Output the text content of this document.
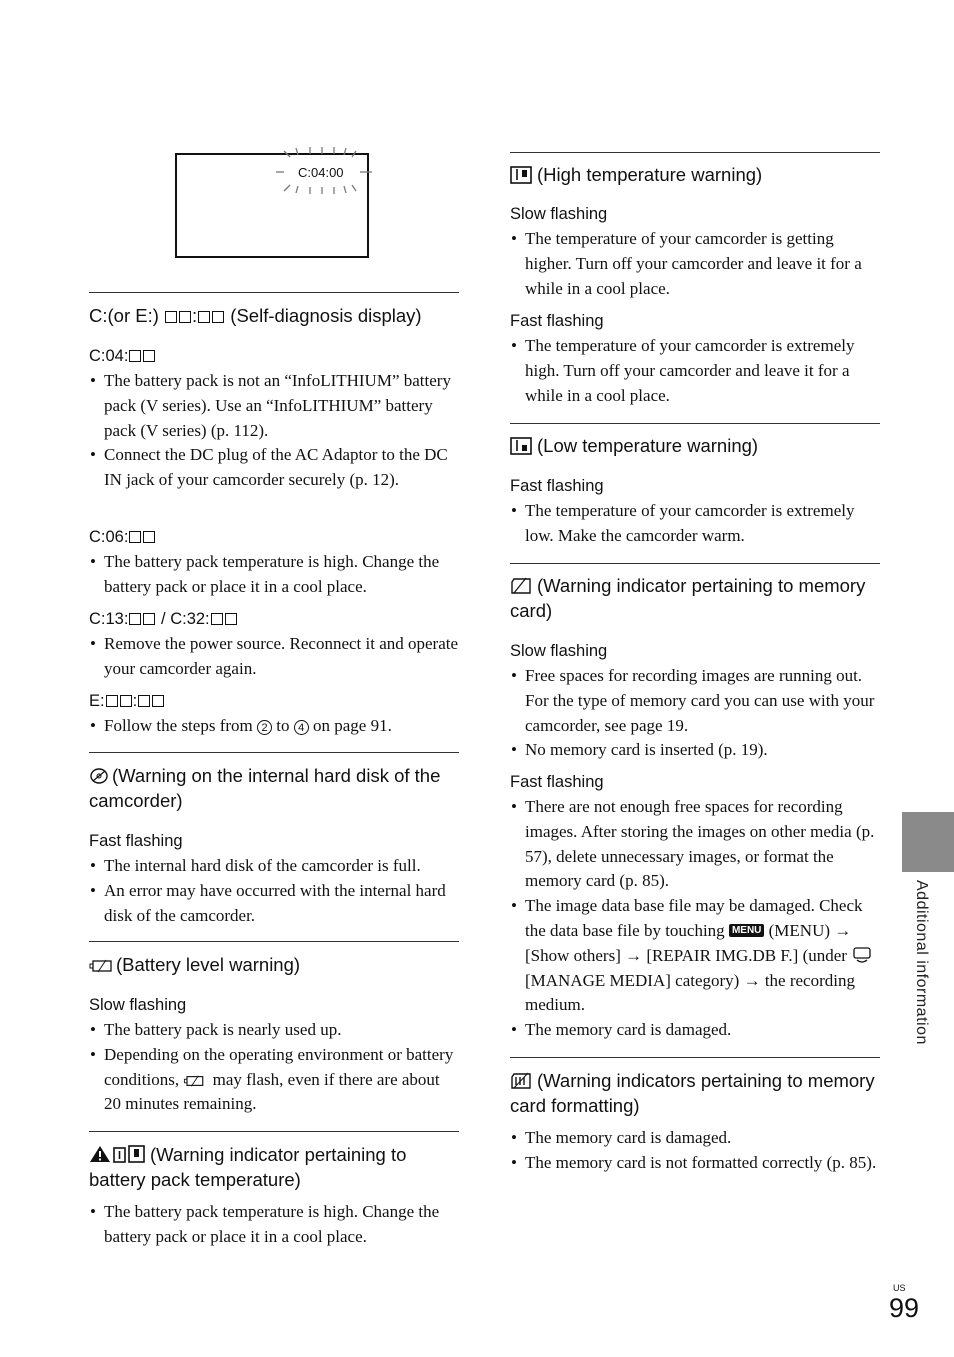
C:04:00
C:(or E:) : (Self-diagnosis display)
C:04:
• The battery pack is not an “InfoLITHIUM” battery pack (V series). Use an “InfoLITHIUM” battery pack (V series) (p. 112).
• Connect the DC plug of the AC Adaptor to the DC IN jack of your camcorder securely (p. 12).
C:06:
• The battery pack temperature is high. Change the battery pack or place it in a cool place.
C:13: / C:32:
• Remove the power source. Reconnect it and operate your camcorder again.
E: :
• Follow the steps from 2 to 4 on page 91.
(Warning on the internal hard disk of the camcorder)
Fast flashing
• The internal hard disk of the camcorder is full.
• An error may have occurred with the internal hard disk of the camcorder.
(Battery level warning)
Slow flashing
• The battery pack is nearly used up.
• Depending on the operating environment or battery conditions,  may flash, even if there are about 20 minutes remaining.
(Warning indicator pertaining to battery pack temperature)
• The battery pack temperature is high. Change the battery pack or place it in a cool place.
(High temperature warning)
Slow flashing
• The temperature of your camcorder is getting higher. Turn off your camcorder and leave it for a while in a cool place.
Fast flashing
• The temperature of your camcorder is extremely high. Turn off your camcorder and leave it for a while in a cool place.
(Low temperature warning)
Fast flashing
• The temperature of your camcorder is extremely low. Make the camcorder warm.
(Warning indicator pertaining to memory card)
Slow flashing
• Free spaces for recording images are running out. For the type of memory card you can use with your camcorder, see page 19.
• No memory card is inserted (p. 19).
Fast flashing
• There are not enough free spaces for recording images. After storing the images on other media (p. 57), delete unnecessary images, or format the memory card (p. 85).
• The image data base file may be damaged. Check the data base file by touching MENU (MENU) → [Show others] → [REPAIR IMG.DB F.] (under  [MANAGE MEDIA] category) → the recording medium.
• The memory card is damaged.
(Warning indicators pertaining to memory card formatting)
• The memory card is damaged.
• The memory card is not formatted correctly (p. 85).
Additional information
US
99
